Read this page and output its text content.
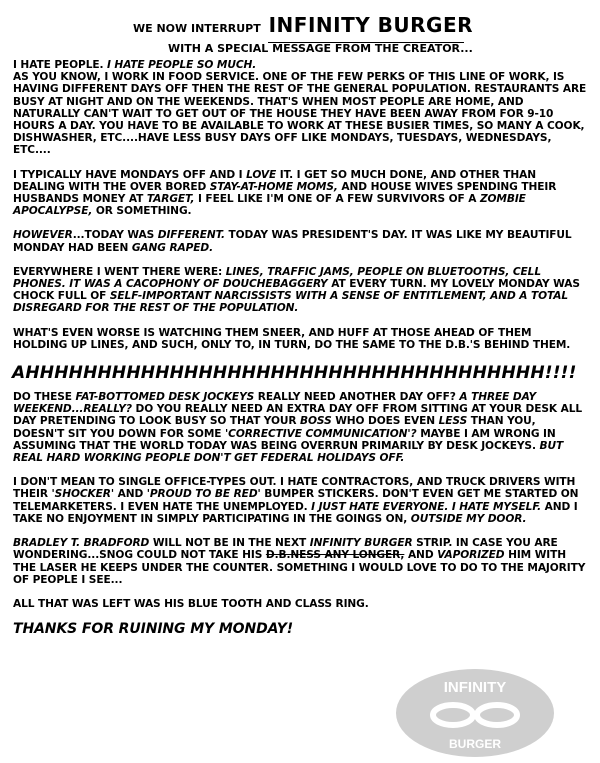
WE NOW INTERRUPT INFINITY BURGER
WITH A SPECIAL MESSAGE FROM THE CREATOR...

I HATE PEOPLE. I HATE PEOPLE SO MUCH.
AS YOU KNOW, I WORK IN FOOD SERVICE. ONE OF THE FEW PERKS OF THIS LINE OF WORK, IS HAVING DIFFERENT DAYS OFF THEN THE REST OF THE GENERAL POPULATION. RESTAURANTS ARE BUSY AT NIGHT AND ON THE WEEKENDS. THAT'S WHEN MOST PEOPLE ARE HOME, AND NATURALLY CAN'T WAIT TO GET OUT OF THE HOUSE THEY HAVE BEEN AWAY FROM FOR 9-10 HOURS A DAY. YOU HAVE TO BE AVAILABLE TO WORK AT THESE BUSIER TIMES, SO MANY A COOK, DISHWASHER, ETC....HAVE LESS BUSY DAYS OFF LIKE MONDAYS, TUESDAYS, WEDNESDAYS, ETC....

I TYPICALLY HAVE MONDAYS OFF AND I LOVE IT. I GET SO MUCH DONE, AND OTHER THAN DEALING WITH THE OVER BORED STAY-AT-HOME MOMS, AND HOUSE WIVES SPENDING THEIR HUSBANDS MONEY AT TARGET, I FEEL LIKE I'M ONE OF A FEW SURVIVORS OF A ZOMBIE APOCALYPSE, OR SOMETHING.

HOWEVER...TODAY WAS DIFFERENT. TODAY WAS PRESIDENT'S DAY. IT WAS LIKE MY BEAUTIFUL MONDAY HAD BEEN GANG RAPED.

EVERYWHERE I WENT THERE WERE: LINES, TRAFFIC JAMS, PEOPLE ON BLUETOOTHS, CELL PHONES. IT WAS A CACOPHONY OF DOUCHEBAGGERY AT EVERY TURN. MY LOVELY MONDAY WAS CHOCK FULL OF SELF-IMPORTANT NARCISSISTS WITH A SENSE OF ENTITLEMENT, AND A TOTAL DISREGARD FOR THE REST OF THE POPULATION.

WHAT'S EVEN WORSE IS WATCHING THEM SNEER, AND HUFF AT THOSE AHEAD OF THEM HOLDING UP LINES, AND SUCH, ONLY TO, IN TURN, DO THE SAME TO THE D.B.'S BEHIND THEM.

AHHHHHHHHHHHHHHHHHHHHHHHHHHHHHHHHHHHH!!!!

DO THESE FAT-BOTTOMED DESK JOCKEYS REALLY NEED ANOTHER DAY OFF? A THREE DAY WEEKEND...REALLY? DO YOU REALLY NEED AN EXTRA DAY OFF FROM SITTING AT YOUR DESK ALL DAY PRETENDING TO LOOK BUSY SO THAT YOUR BOSS WHO DOES EVEN LESS THAN YOU, DOESN'T SIT YOU DOWN FOR SOME 'CORRECTIVE COMMUNICATION'? MAYBE I AM WRONG IN ASSUMING THAT THE WORLD TODAY WAS BEING OVERRUN PRIMARILY BY DESK JOCKEYS. BUT REAL HARD WORKING PEOPLE DON'T GET FEDERAL HOLIDAYS OFF.

I DON'T MEAN TO SINGLE OFFICE-TYPES OUT. I HATE CONTRACTORS, AND TRUCK DRIVERS WITH THEIR 'SHOCKER' AND 'PROUD TO BE RED' BUMPER STICKERS. DON'T EVEN GET ME STARTED ON TELEMARKETERS. I EVEN HATE THE UNEMPLOYED. I JUST HATE EVERYONE. I HATE MYSELF. AND I TAKE NO ENJOYMENT IN SIMPLY PARTICIPATING IN THE GOINGS ON, OUTSIDE MY DOOR.

BRADLEY T. BRADFORD WILL NOT BE IN THE NEXT INFINITY BURGER STRIP. IN CASE YOU ARE WONDERING...SNOG COULD NOT TAKE HIS D.B.NESS ANY LONGER, AND VAPORIZED HIM WITH THE LASER HE KEEPS UNDER THE COUNTER. SOMETHING I WOULD LOVE TO DO TO THE MAJORITY OF PEOPLE I SEE...

ALL THAT WAS LEFT WAS HIS BLUE TOOTH AND CLASS RING.

THANKS FOR RUINING MY MONDAY!
INFINITY
BURGER
